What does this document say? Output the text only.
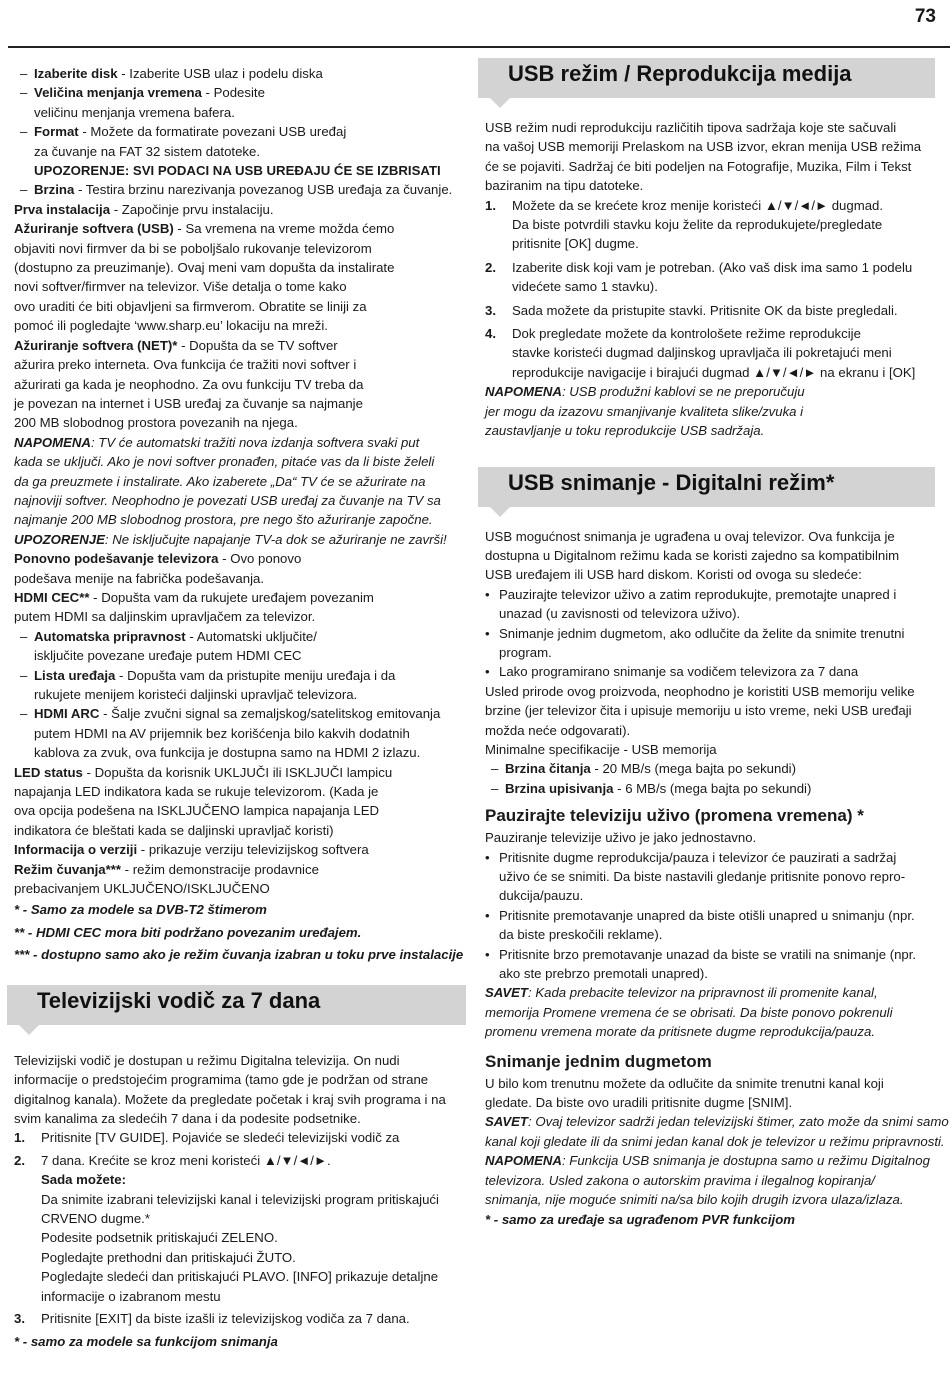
73
– Izaberite disk - Izaberite USB ulaz i podelu diska
– Veličina menjanja vremena - Podesite
veličinu menjanja vremena bafera.
– Format - Možete da formatirate povezani USB uređaj
za čuvanje na FAT 32 sistem datoteke.
UPOZORENJE: SVI PODACI NA USB UREĐAJU ĆE SE IZBRISATI
– Brzina - Testira brzinu narezivanja povezanog USB uređaja za čuvanje.
Prva instalacija - Započinje prvu instalaciju.
Ažuriranje softvera (USB) - Sa vremena na vreme možda ćemo
objaviti novi firmver da bi se poboljšalo rukovanje televizorom
(dostupno za preuzimanje). Ovaj meni vam dopušta da instalirate
novi softver/firmver na televizor. Više detalja o tome kako
ovo uraditi će biti objavljeni sa firmverom. Obratite se liniji za
pomoć ili pogledajte ‘www.sharp.eu’ lokaciju na mreži.
Ažuriranje softvera (NET)* - Dopušta da se TV softver
ažurira preko interneta. Ova funkcija će tražiti novi softver i
ažurirati ga kada je neophodno. Za ovu funkciju TV treba da
je povezan na internet i USB uređaj za čuvanje sa najmanje
200 MB slobodnog prostora povezanih na njega.
NAPOMENA: TV će automatski tražiti nova izdanja softvera svaki put
kada se uključi. Ako je novi softver pronađen, pitaće vas da li biste želeli
da ga preuzmete i instalirate. Ako izaberete „Da“ TV će se ažurirate na
najnoviji softver. Neophodno je povezati USB uređaj za čuvanje na TV sa
najmanje 200 MB slobodnog prostora, pre nego što ažuriranje započne.
UPOZORENJE: Ne isključujte napajanje TV-a dok se ažuriranje ne završi!
Ponovno podešavanje televizora - Ovo ponovo
podešava menije na fabrička podešavanja.
HDMI CEC** - Dopušta vam da rukujete uređajem povezanim
putem HDMI sa daljinskim upravljačem za televizor.
– Automatska pripravnost - Automatski uključite/
isključite povezane uređaje putem HDMI CEC
– Lista uređaja - Dopušta vam da pristupite meniju uređaja i da
rukujete menijem koristeći daljinski upravljač televizora.
– HDMI ARC - Šalje zvučni signal sa zemaljskog/satelitskog emitovanja
putem HDMI na AV prijemnik bez korišćenja bilo kakvih dodatnih
kablova za zvuk, ova funkcija je dostupna samo na HDMI 2 izlazu.
LED status - Dopušta da korisnik UKLJUČI ili ISKLJUČI lampicu
napajanja LED indikatora kada se rukuje televizorom. (Kada je
ova opcija podešena na ISKLJUČENO lampica napajanja LED
indikatora će bleštati kada se daljinski upravljač koristi)
Informacija o verziji - prikazuje verziju televizijskog softvera
Režim čuvanja*** - režim demonstracije prodavnice
prebacivanjem UKLJUČENO/ISKLJUČENO
* - Samo za modele sa DVB-T2 štimerom
** - HDMI CEC mora biti podržano povezanim uređajem.
*** - dostupno samo ako je režim čuvanja izabran u toku prve instalacije
Televizijski vodič za 7 dana
Televizijski vodič je dostupan u režimu Digitalna televizija. On nudi
informacije o predstojećim programima (tamo gde je podržan od strane
digitalnog kanala). Možete da pregledate početak i kraj svih programa i na
svim kanalima za sledećih 7 dana i da podesite podsetnike.
1. Pritisnite [TV GUIDE]. Pojaviće se sledeći televizijski vodič za
2. 7 dana. Krećite se kroz meni koristeći ▲/▼/◄/►.
Sada možete:
Da snimite izabrani televizijski kanal i televizijski program pritiskajući
CRVENO dugme.*
Podesite podsetnik pritiskajući ZELENO.
Pogledajte prethodni dan pritiskajući ŽUTO.
Pogledajte sledeći dan pritiskajući PLAVO. [INFO] prikazuje detaljne
informacije o izabranom mestu
3. Pritisnite [EXIT] da biste izašli iz televizijskog vodiča za 7 dana.
* - samo za modele sa funkcijom snimanja
USB režim / Reprodukcija medija
USB režim nudi reprodukciju različitih tipova sadržaja koje ste sačuvali
na vašoj USB memoriji Prelaskom na USB izvor, ekran menija USB režima
će se pojaviti. Sadržaj će biti podeljen na Fotografije, Muzika, Film i Tekst
baziranim na tipu datoteke.
1. Možete da se krećete kroz menije koristeći ▲/▼/◄/► dugmad.
Da biste potvrdili stavku koju želite da reprodukujete/pregledate
pritisnite [OK] dugme.
2. Izaberite disk koji vam je potreban. (Ako vaš disk ima samo 1 podelu
videćete samo 1 stavku).
3. Sada možete da pristupite stavki. Pritisnite OK da biste pregledali.
4. Dok pregledate možete da kontrološete režime reprodukcije
stavke koristeći dugmad daljinskog upravljača ili pokretajući meni
reprodukcije navigacije i birajući dugmad ▲/▼/◄/► na ekranu i [OK]
NAPOMENA: USB produžni kablovi se ne preporučuju
jer mogu da izazovu smanjivanje kvaliteta slike/zvuka i
zaustavljanje u toku reprodukcije USB sadržaja.
USB snimanje - Digitalni režim*
USB mogućnost snimanja je ugrađena u ovaj televizor. Ova funkcija je
dostupna u Digitalnom režimu kada se koristi zajedno sa kompatibilnim
USB uređajem ili USB hard diskom. Koristi od ovoga su sledeće:
• Pauzirajte televizor uživo a zatim reprodukujte, premotajte unapred i
unazad (u zavisnosti od televizora uživo).
• Snimanje jednim dugmetom, ako odlučite da želite da snimite trenutni
program.
• Lako programirano snimanje sa vodičem televizora za 7 dana
Usled prirode ovog proizvoda, neophodno je koristiti USB memoriju velike
brzine (jer televizor čita i upisuje memoriju u isto vreme, neki USB uređaji
možda neće odgovarati).
Minimalne specifikacije - USB memorija
– Brzina čitanja - 20 MB/s (mega bajta po sekundi)
– Brzina upisivanja - 6 MB/s (mega bajta po sekundi)
Pauzirajte televiziju uživo (promena vremena) *
Pauziranje televizije uživo je jako jednostavno.
• Pritisnite dugme reprodukcija/pauza i televizor će pauzirati a sadržaj
uživo će se snimiti. Da biste nastavili gledanje pritisnite ponovo repro-
dukcija/pauzu.
• Pritisnite premotavanje unapred da biste otišli unapred u snimanju (npr.
da biste preskočili reklame).
• Pritisnite brzo premotavanje unazad da biste se vratili na snimanje (npr.
ako ste prebrzo premotali unapred).
SAVET: Kada prebacite televizor na pripravnost ili promenite kanal,
memorija Promene vremena će se obrisati. Da biste ponovo pokrenuli
promenu vremena morate da pritisnete dugme reprodukcija/pauza.
Snimanje jednim dugmetom
U bilo kom trenutnu možete da odlučite da snimite trenutni kanal koji
gledate. Da biste ovo uradili pritisnite dugme [SNIM].
SAVET: Ovaj televizor sadrži jedan televizijski štimer, zato može da snimi samo
kanal koji gledate ili da snimi jedan kanal dok je televizor u režimu pripravnosti.
NAPOMENA: Funkcija USB snimanja je dostupna samo u režimu Digitalnog
televizora. Usled zakona o autorskim pravima i ilegalnog kopiranja/
snimanja, nije moguće snimiti na/sa bilo kojih drugih izvora ulaza/izlaza.
* - samo za uređaje sa ugrađenom PVR funkcijom
